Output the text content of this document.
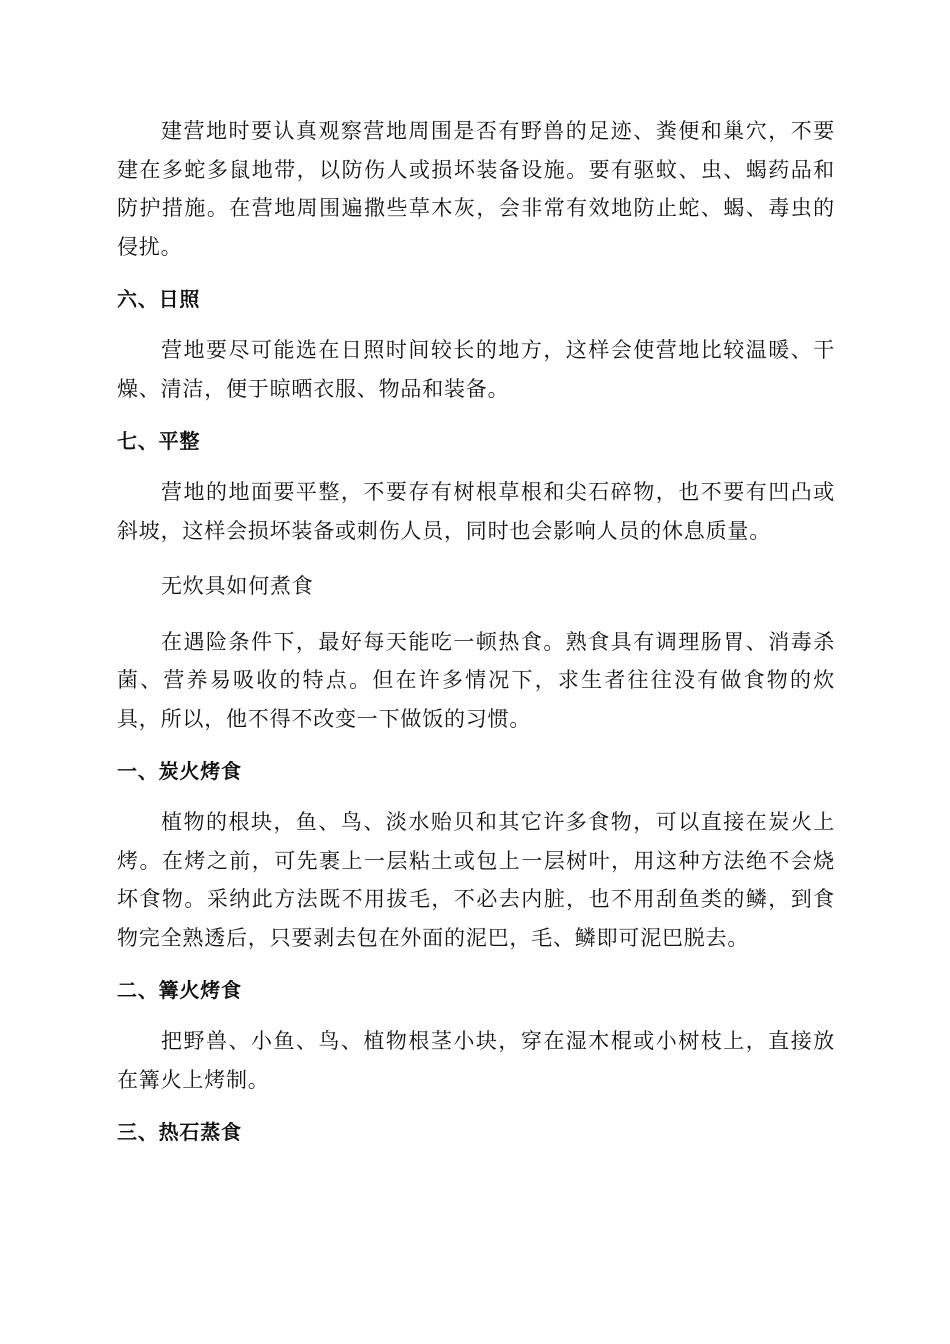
建营地时要认真观察营地周围是否有野兽的足迹、粪便和巢穴，不要建在多蛇多鼠地带，以防伤人或损坏装备设施。要有驱蚊、虫、蝎药品和防护措施。在营地周围遍撒些草木灰，会非常有效地防止蛇、蝎、毒虫的侵扰。

六、日照

营地要尽可能选在日照时间较长的地方，这样会使营地比较温暖、干燥、清洁，便于晾晒衣服、物品和装备。

七、平整

营地的地面要平整，不要存有树根草根和尖石碎物，也不要有凹凸或斜坡，这样会损坏装备或刺伤人员，同时也会影响人员的休息质量。

无炊具如何煮食

在遇险条件下，最好每天能吃一顿热食。熟食具有调理肠胃、消毒杀菌、营养易吸收的特点。但在许多情况下，求生者往往没有做食物的炊具，所以，他不得不改变一下做饭的习惯。

一、炭火烤食

植物的根块，鱼、鸟、淡水贻贝和其它许多食物，可以直接在炭火上烤。在烤之前，可先裹上一层粘土或包上一层树叶，用这种方法绝不会烧坏食物。采纳此方法既不用拔毛，不必去内脏，也不用刮鱼类的鳞，到食物完全熟透后，只要剥去包在外面的泥巴，毛、鳞即可泥巴脱去。

二、篝火烤食

把野兽、小鱼、鸟、植物根茎小块，穿在湿木棍或小树枝上，直接放在篝火上烤制。

三、热石蒸食
